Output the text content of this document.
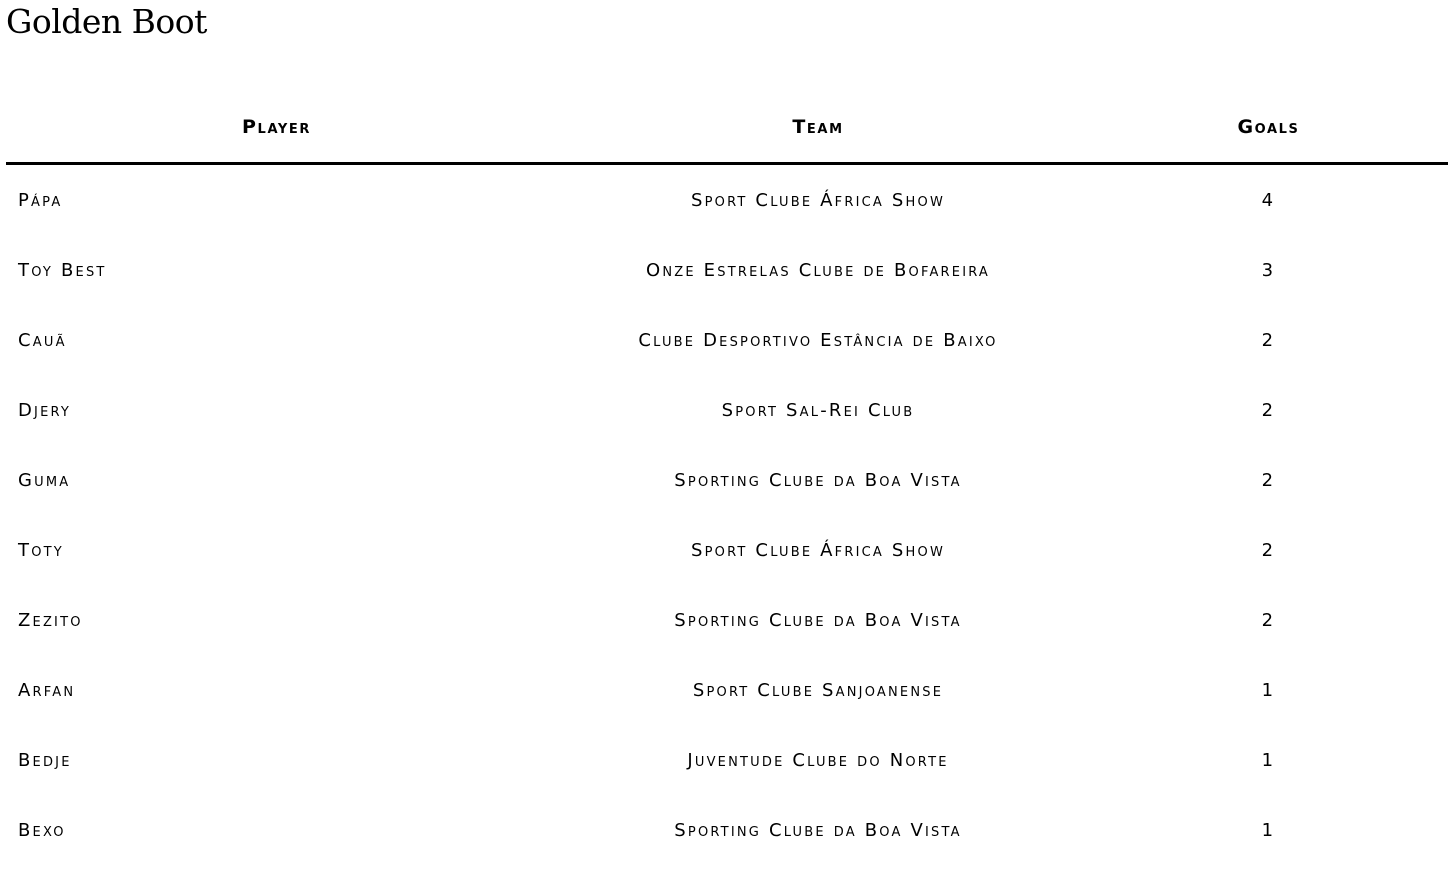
Golden Boot
Player	Team	Goals
Pápa	Sport Clube África Show	4
Toy Best	Onze Estrelas Clube de Bofareira	3
Cauã	Clube Desportivo Estância de Baixo	2
Djery	Sport Sal-Rei Club	2
Guma	Sporting Clube da Boa Vista	2
Toty	Sport Clube África Show	2
Zezito	Sporting Clube da Boa Vista	2
Arfan	Sport Clube Sanjoanense	1
Bedje	Juventude Clube do Norte	1
Bexo	Sporting Clube da Boa Vista	1
